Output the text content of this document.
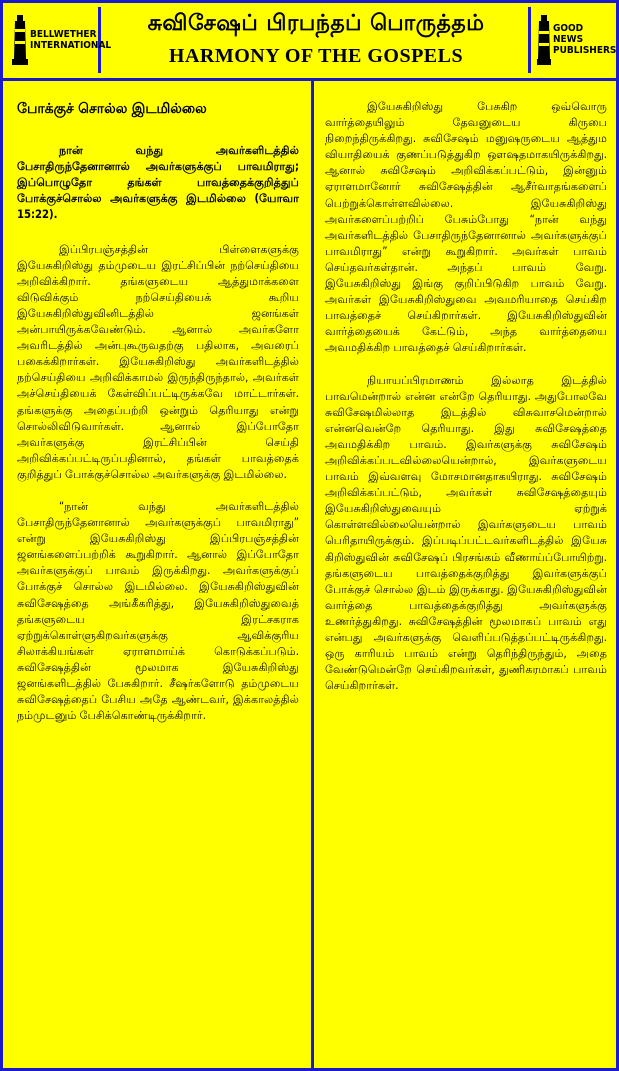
BELLWETHER INTERNATIONAL
சுவிசேஷப் பிரபந்தப் பொருத்தம்
HARMONY OF THE GOSPELS
GOOD NEWS PUBLISHERS
போக்குச் சொல்ல இடமில்லை

நான் வந்து அவர்களிடத்தில் பேசாதிருந்தேனானால் அவர்களுக்குப் பாவமிராது; இப்பொழுதோ தங்கள் பாவத்தைக்குறித்துப் போக்குச்சொல்ல அவர்களுக்கு இடமில்லை (யோவா 15:22).

இப்பிரபஞ்சத்தின் பிள்ளைகளுக்கு இயேசுகிறிஸ்து தம்முடைய இரட்சிப்பின் நற்செய்தியை அறிவிக்கிறார். தங்களுடைய ஆத்துமாக்களை விடுவிக்கும் நற்செய்தியைக் கூறிய இயேசுகிறிஸ்துவினிடத்தில் ஜனங்கள் அன்பாயிருக்கவேண்டும். ஆனால் அவர்களோ அவரிடத்தில் அன்புகூருவதற்கு பதிலாக, அவரைப் பகைக்கிறார்கள். இயேசுகிறிஸ்து அவர்களிடத்தில் நற்செய்தியை அறிவிக்காமல் இருந்திருந்தால், அவர்கள் அச்செய்தியைக் கேள்விப்பட்டிருக்கவே மாட்டார்கள். தங்களுக்கு அதைப்பற்றி ஒன்றும் தெரியாது என்று சொல்லிவிடுவார்கள். ஆனால் இப்போதோ அவர்களுக்கு இரட்சிப்பின் செய்தி அறிவிக்கப்பட்டிருப்பதினால், தங்கள் பாவத்தைக் குறித்துப் போக்குச்சொல்ல அவர்களுக்கு இடமில்லை.

“நான் வந்து அவர்களிடத்தில் பேசாதிருந்தேனானால் அவர்களுக்குப் பாவமிராது” என்று இயேசுகிறிஸ்து இப்பிரபஞ்சத்தின் ஜனங்களைப்பற்றிக் கூறுகிறார். ஆனால் இப்போதோ அவர்களுக்குப் பாவம் இருக்கிறது. அவர்களுக்குப் போக்குச் சொல்ல இடமில்லை. இயேசுகிறிஸ்துவின் சுவிசேஷத்தை அங்கீகரித்து, இயேசுகிறிஸ்துவைத் தங்களுடைய இரட்சகராக ஏற்றுக்கொள்ளுகிறவர்களுக்கு ஆவிக்குரிய சிலாக்கியங்கள் ஏராளமாய்க் கொடுக்கப்படும். சுவிசேஷத்தின் மூலமாக இயேசுகிறிஸ்து ஜனங்களிடத்தில் பேசுகிறார். சீஷர்களோடு தம்முடைய சுவிசேஷத்தைப் பேசிய அதே ஆண்டவர், இக்காலத்தில் நம்முடனும் பேசிக்கொண்டிருக்கிறார்.

இயேசுகிறிஸ்து பேசுகிற ஒவ்வொரு வார்த்தையிலும் தேவனுடைய கிருபை நிறைந்திருக்கிறது. சுவிசேஷம் மனுஷருடைய ஆத்தும வியாதியைக் குணப்படுத்துகிற ஔஷதமாகயிருக்கிறது. ஆனால் சுவிசேஷம் அறிவிக்கப்பட்டும், இன்னும் ஏராளமானோர் சுவிசேஷத்தின் ஆசீர்வாதங்களைப் பெற்றுக்கொள்ளவில்லை. இயேசுகிறிஸ்து அவர்களைப்பற்றிப் பேசும்போது “நான் வந்து அவர்களிடத்தில் பேசாதிருந்தேனானால் அவர்களுக்குப் பாவமிராது” என்று கூறுகிறார். அவர்கள் பாவம் செய்தவர்கள்தான். அந்தப் பாவம் வேறு. இயேசுகிறிஸ்து இங்கு குறிப்பிடுகிற பாவம் வேறு. அவர்கள் இயேசுகிறிஸ்துவை அவமரியாதை செய்கிற பாவத்தைச் செய்கிறார்கள். இயேசுகிறிஸ்துவின் வார்த்தையைக் கேட்டும், அந்த வார்த்தையை அவமதிக்கிற பாவத்தைச் செய்கிறார்கள்.

நியாயப்பிரமாணம் இல்லாத இடத்தில் பாவமென்றால் என்ன என்றே தெரியாது. அதுபோலவே சுவிசேஷமில்லாத இடத்தில் விசுவாசமென்றால் என்னவென்றே தெரியாது. இது சுவிசேஷத்தை அவமதிக்கிற பாவம். இவர்களுக்கு சுவிசேஷம் அறிவிக்கப்படவில்லையென்றால், இவர்களுடைய பாவம் இவ்வளவு மோசமானதாகயிராது. சுவிசேஷம் அறிவிக்கப்பட்டும், அவர்கள் சுவிசேஷத்தையும் இயேசுகிறிஸ்துவையும் ஏற்றுக் கொள்ளவில்லையென்றால் இவர்களுடைய பாவம் பெரிதாயிருக்கும். இப்படிப்பட்டவர்களிடத்தில் இயேசு கிறிஸ்துவின் சுவிசேஷப் பிரசங்கம் வீணாய்ப்போயிற்று. தங்களுடைய பாவத்தைக்குறித்து இவர்களுக்குப் போக்குச் சொல்ல இடம் இருக்காது. இயேசுகிறிஸ்துவின் வார்த்தை பாவத்தைக்குறித்து அவர்களுக்கு உணர்த்துகிறது. சுவிசேஷத்தின் மூலமாகப் பாவம் எது என்பது அவர்களுக்கு வெளிப்படுத்தப்பட்டிருக்கிறது. ஒரு காரியம் பாவம் என்று தெரிந்திருந்தும், அதை வேண்டுமென்றே செய்கிறவர்கள், துணிகரமாகப் பாவம் செய்கிறார்கள்.
